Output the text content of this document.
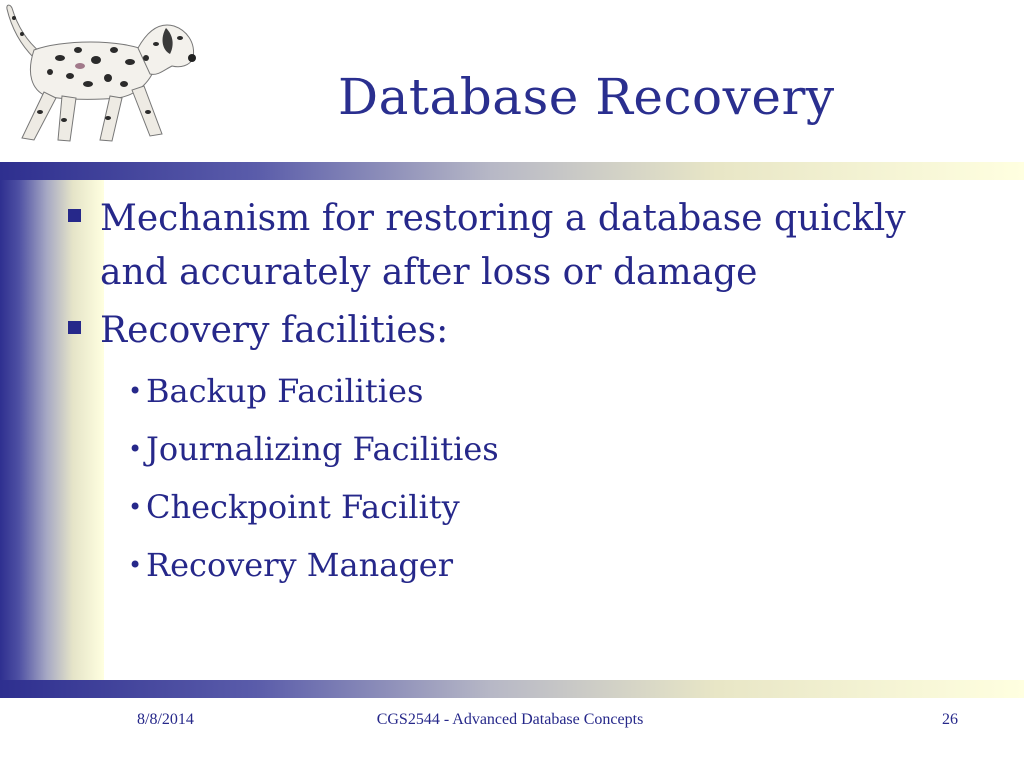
Database Recovery
Mechanism for restoring a database quickly and accurately after loss or damage
Recovery facilities:
• Backup Facilities
• Journalizing Facilities
• Checkpoint Facility
• Recovery Manager
8/8/2014	CGS2544 - Advanced Database Concepts	26
